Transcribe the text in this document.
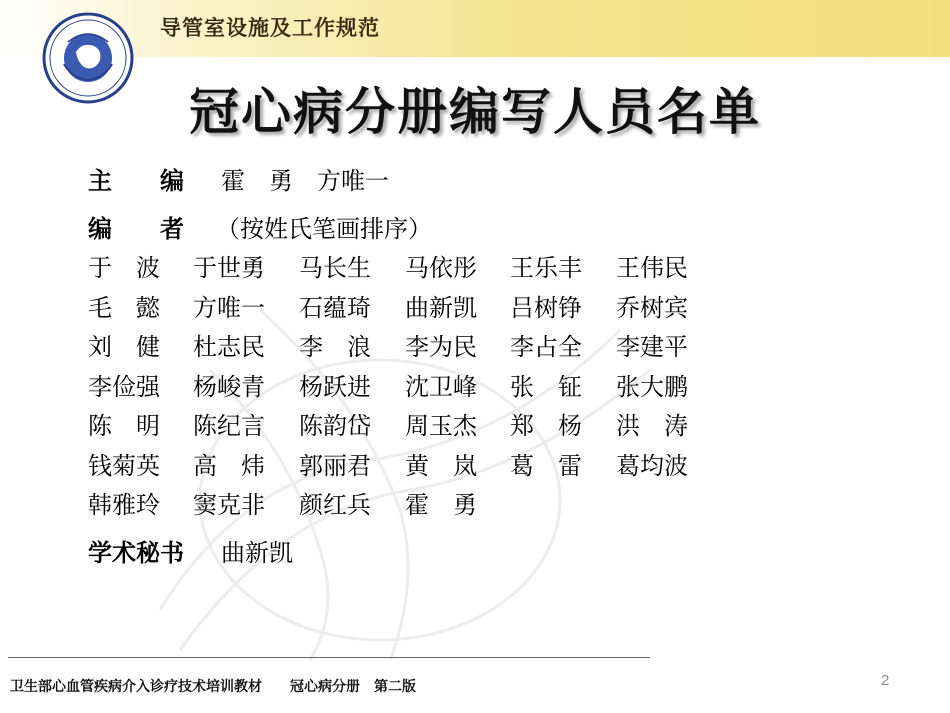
导管室设施及工作规范
冠心病分册编写人员名单
主　　编 霍　勇　方唯一
编　　者 （按姓氏笔画排序）
于　波 于世勇 马长生 马依彤 王乐丰 王伟民
毛　懿 方唯一 石蕴琦 曲新凯 吕树铮 乔树宾
刘　健 杜志民 李　浪 李为民 李占全 李建平
李俭强 杨峻青 杨跃进 沈卫峰 张　钲 张大鹏
陈　明 陈纪言 陈韵岱 周玉杰 郑　杨 洪　涛
钱菊英 高　炜 郭丽君 黄　岚 葛　雷 葛均波
韩雅玲 窦克非 颜红兵 霍　勇
学术秘书 曲新凯
卫生部心血管疾病介入诊疗技术培训教材　　冠心病分册　第二版	2
